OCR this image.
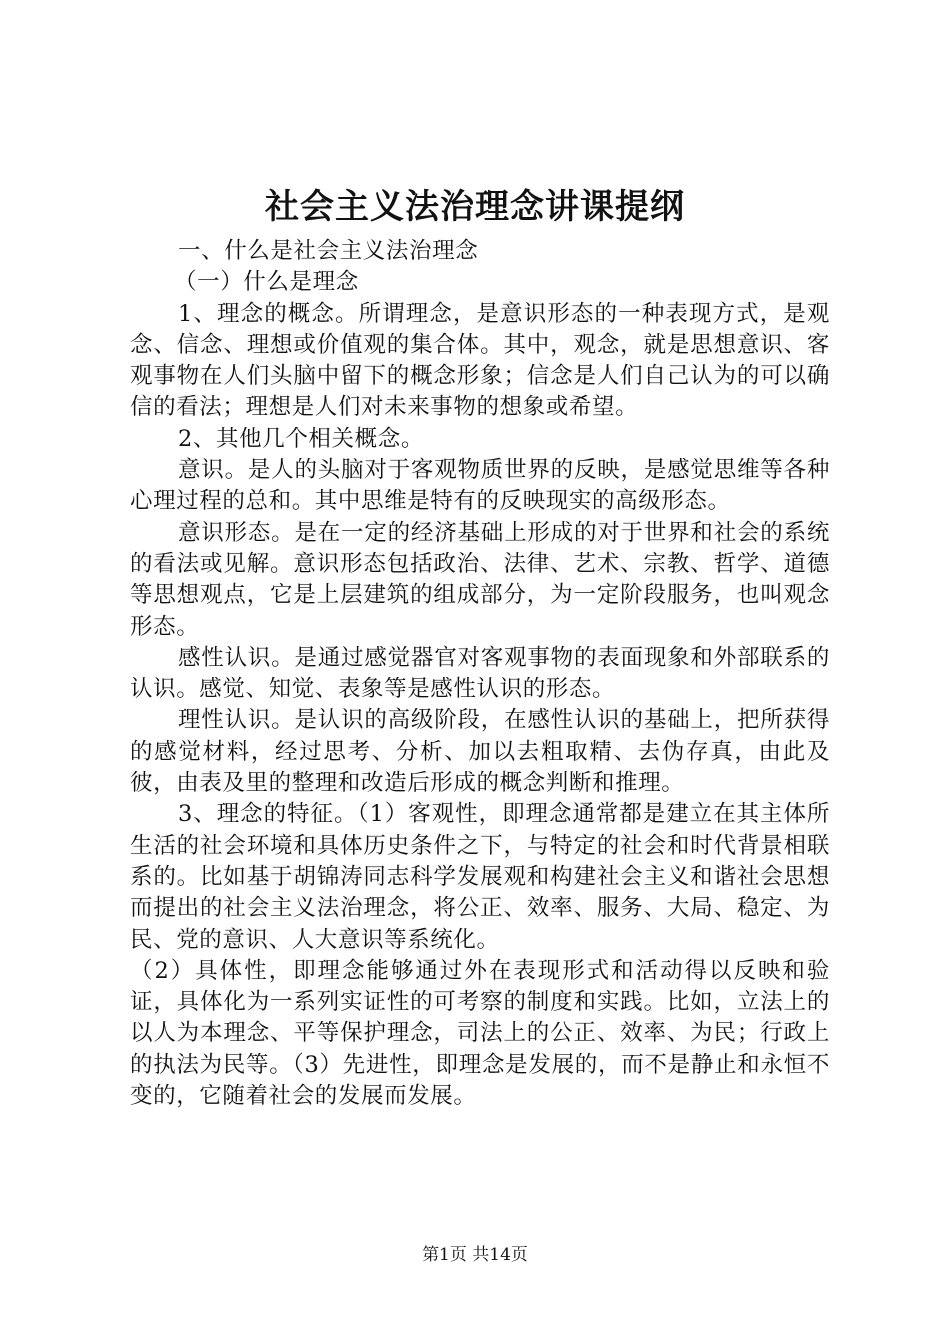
社会主义法治理念讲课提纲

一、什么是社会主义法治理念

（一）什么是理念

1、理念的概念。所谓理念，是意识形态的一种表现方式，是观念、信念、理想或价值观的集合体。其中，观念，就是思想意识、客观事物在人们头脑中留下的概念形象；信念是人们自己认为的可以确信的看法；理想是人们对未来事物的想象或希望。

2、其他几个相关概念。

意识。是人的头脑对于客观物质世界的反映，是感觉思维等各种心理过程的总和。其中思维是特有的反映现实的高级形态。

意识形态。是在一定的经济基础上形成的对于世界和社会的系统的看法或见解。意识形态包括政治、法律、艺术、宗教、哲学、道德等思想观点，它是上层建筑的组成部分，为一定阶段服务，也叫观念形态。

感性认识。是通过感觉器官对客观事物的表面现象和外部联系的认识。感觉、知觉、表象等是感性认识的形态。

理性认识。是认识的高级阶段，在感性认识的基础上，把所获得的感觉材料，经过思考、分析、加以去粗取精、去伪存真，由此及彼，由表及里的整理和改造后形成的概念判断和推理。

3、理念的特征。（1）客观性，即理念通常都是建立在其主体所生活的社会环境和具体历史条件之下，与特定的社会和时代背景相联系的。比如基于胡锦涛同志科学发展观和构建社会主义和谐社会思想而提出的社会主义法治理念，将公正、效率、服务、大局、稳定、为民、党的意识、人大意识等系统化。

（2）具体性，即理念能够通过外在表现形式和活动得以反映和验证，具体化为一系列实证性的可考察的制度和实践。比如，立法上的以人为本理念、平等保护理念，司法上的公正、效率、为民；行政上的执法为民等。（3）先进性，即理念是发展的，而不是静止和永恒不变的，它随着社会的发展而发展。

第1页 共14页
